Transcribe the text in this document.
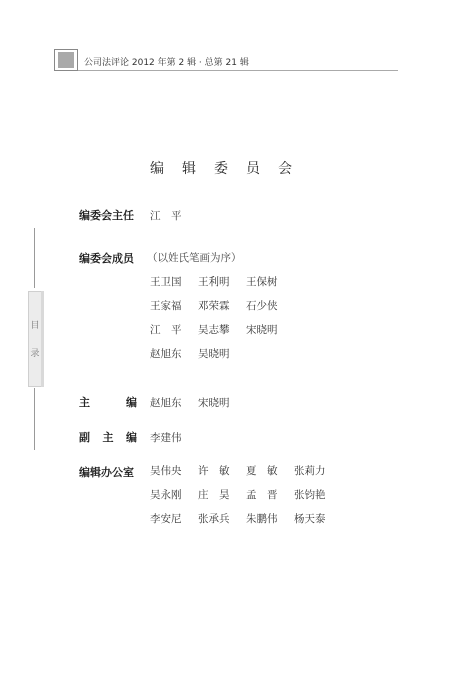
公司法评论 2012 年第 2 辑 · 总第 21 辑
目
录
编辑委员会
编委会主任 江　平
编委会成员 （以姓氏笔画为序）
王卫国	王利明	王保树
王家福	邓荣霖	石少侠
江　平	吴志攀	宋晓明
赵旭东	吴晓明
主	编 赵旭东	宋晓明
副 主 编 李建伟
编辑办公室 吴伟央	许　敏	夏　敏	张莉力
吴永刚	庄　昊	孟　晋	张钧艳
李安尼	张承兵	朱鹏伟	杨天泰
